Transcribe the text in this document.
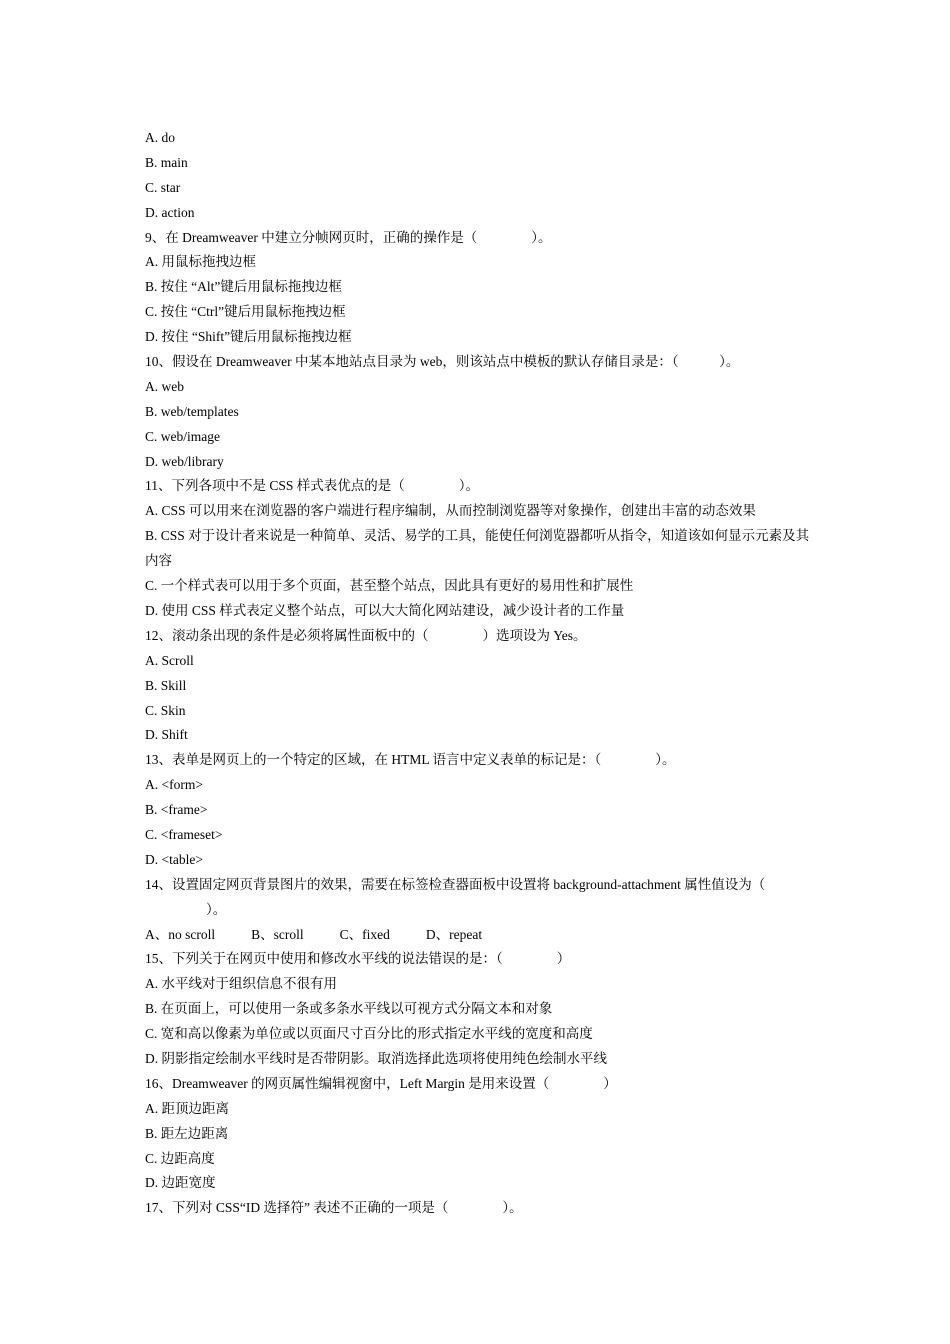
A. do
B. main
C. star
D. action
9、在 Dreamweaver 中建立分帧网页时，正确的操作是（　　　　）。
A. 用鼠标拖拽边框
B. 按住 “Alt”键后用鼠标拖拽边框
C. 按住 “Ctrl”键后用鼠标拖拽边框
D. 按住 “Shift”键后用鼠标拖拽边框
10、假设在 Dreamweaver 中某本地站点目录为 web，则该站点中模板的默认存储目录是：（　　　）。
A. web
B. web/templates
C. web/image
D. web/library
11、下列各项中不是 CSS 样式表优点的是（　　　　）。
A. CSS 可以用来在浏览器的客户端进行程序编制，从而控制浏览器等对象操作，创建出丰富的动态效果
B. CSS 对于设计者来说是一种简单、灵活、易学的工具，能使任何浏览器都听从指令，知道该如何显示元素及其内容
C. 一个样式表可以用于多个页面，甚至整个站点，因此具有更好的易用性和扩展性
D. 使用 CSS 样式表定义整个站点，可以大大简化网站建设，减少设计者的工作量
12、滚动条出现的条件是必须将属性面板中的（　　　　）选项设为 Yes。
A. Scroll
B. Skill
C. Skin
D. Shift
13、表单是网页上的一个特定的区域，在 HTML 语言中定义表单的标记是：（　　　　）。
A. <form>
B. <frame>
C. <frameset>
D. <table>
14、设置固定网页背景图片的效果，需要在标签检查器面板中设置将 background-attachment 属性值设为（
　　）。
A、no scroll	B、scroll	C、fixed	D、repeat
15、下列关于在网页中使用和修改水平线的说法错误的是：（　　　　）
A. 水平线对于组织信息不很有用
B. 在页面上，可以使用一条或多条水平线以可视方式分隔文本和对象
C. 宽和高以像素为单位或以页面尺寸百分比的形式指定水平线的宽度和高度
D. 阴影指定绘制水平线时是否带阴影。取消选择此选项将使用纯色绘制水平线
16、Dreamweaver 的网页属性编辑视窗中，Left Margin 是用来设置（　　　　）
A. 距顶边距离
B. 距左边距离
C. 边距高度
D. 边距宽度
17、下列对 CSS“ID 选择符” 表述不正确的一项是（　　　　）。
